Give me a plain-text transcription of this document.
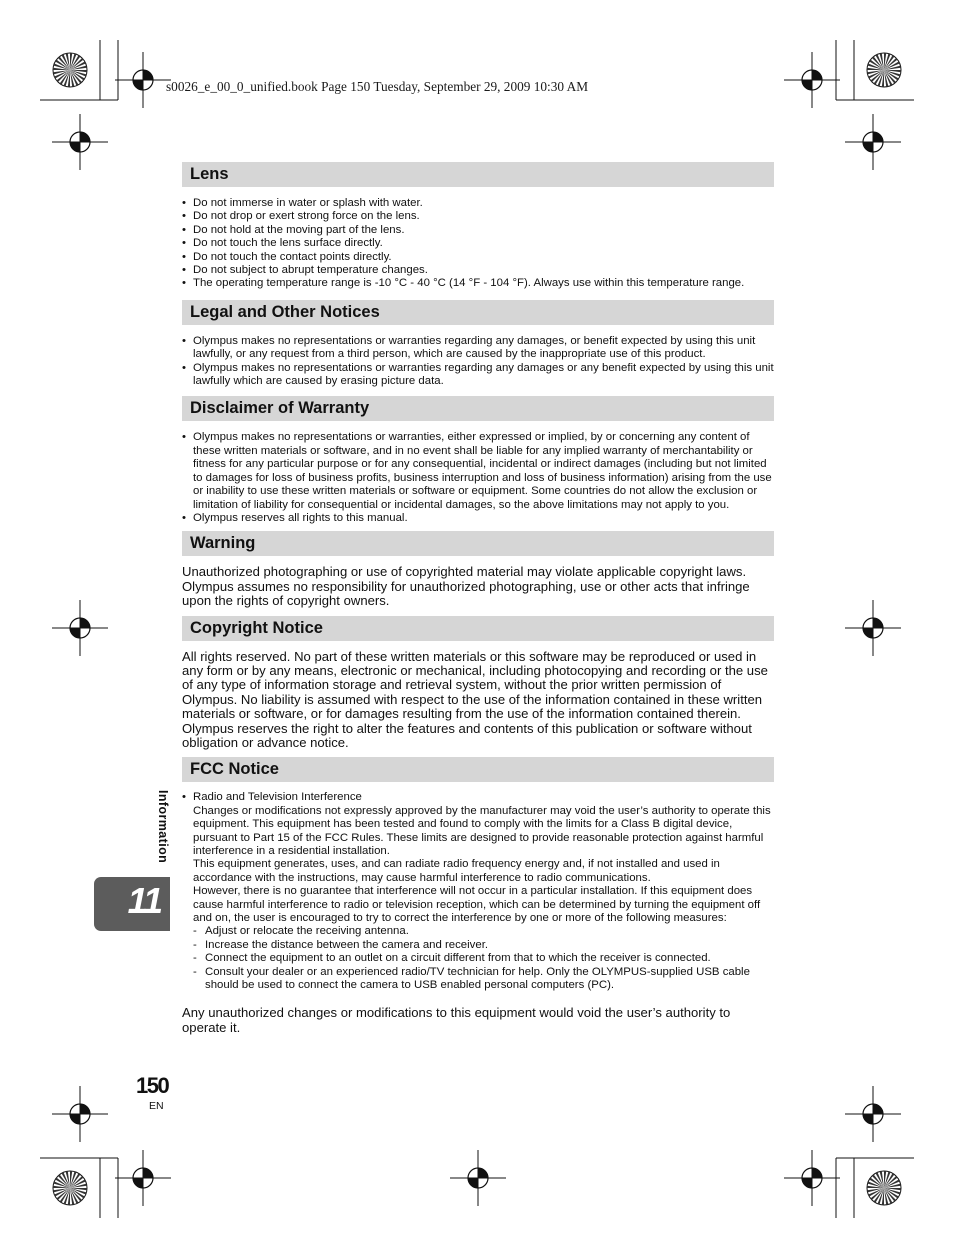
s0026_e_00_0_unified.book Page 150 Tuesday, September 29, 2009 10:30 AM
Lens
• Do not immerse in water or splash with water.
• Do not drop or exert strong force on the lens.
• Do not hold at the moving part of the lens.
• Do not touch the lens surface directly.
• Do not touch the contact points directly.
• Do not subject to abrupt temperature changes.
• The operating temperature range is -10 °C - 40 °C (14 °F - 104 °F). Always use within this temperature range.
Legal and Other Notices
• Olympus makes no representations or warranties regarding any damages, or benefit expected by using this unit lawfully, or any request from a third person, which are caused by the inappropriate use of this product.
• Olympus makes no representations or warranties regarding any damages or any benefit expected by using this unit lawfully which are caused by erasing picture data.
Disclaimer of Warranty
• Olympus makes no representations or warranties, either expressed or implied, by or concerning any content of these written materials or software, and in no event shall be liable for any implied warranty of merchantability or fitness for any particular purpose or for any consequential, incidental or indirect damages (including but not limited to damages for loss of business profits, business interruption and loss of business information) arising from the use or inability to use these written materials or software or equipment. Some countries do not allow the exclusion or limitation of liability for consequential or incidental damages, so the above limitations may not apply to you.
• Olympus reserves all rights to this manual.
Warning

Unauthorized photographing or use of copyrighted material may violate applicable copyright laws. Olympus assumes no responsibility for unauthorized photographing, use or other acts that infringe upon the rights of copyright owners.

Copyright Notice

All rights reserved. No part of these written materials or this software may be reproduced or used in any form or by any means, electronic or mechanical, including photocopying and recording or the use of any type of information storage and retrieval system, without the prior written permission of Olympus. No liability is assumed with respect to the use of the information contained in these written materials or software, or for damages resulting from the use of the information contained therein. Olympus reserves the right to alter the features and contents of this publication or software without obligation or advance notice.

FCC Notice
• Radio and Television Interference

Changes or modifications not expressly approved by the manufacturer may void the user’s authority to operate this equipment. This equipment has been tested and found to comply with the limits for a Class B digital device, pursuant to Part 15 of the FCC Rules. These limits are designed to provide reasonable protection against harmful interference in a residential installation.

This equipment generates, uses, and can radiate radio frequency energy and, if not installed and used in accordance with the instructions, may cause harmful interference to radio communications.

However, there is no guarantee that interference will not occur in a particular installation. If this equipment does cause harmful interference to radio or television reception, which can be determined by turning the equipment off and on, the user is encouraged to try to correct the interference by one or more of the following measures:

- Adjust or relocate the receiving antenna.
- Increase the distance between the camera and receiver.
- Connect the equipment to an outlet on a circuit different from that to which the receiver is connected.
- Consult your dealer or an experienced radio/TV technician for help. Only the OLYMPUS-supplied USB cable should be used to connect the camera to USB enabled personal computers (PC).

Any unauthorized changes or modifications to this equipment would void the user’s authority to operate it.

Information
11
150
EN
